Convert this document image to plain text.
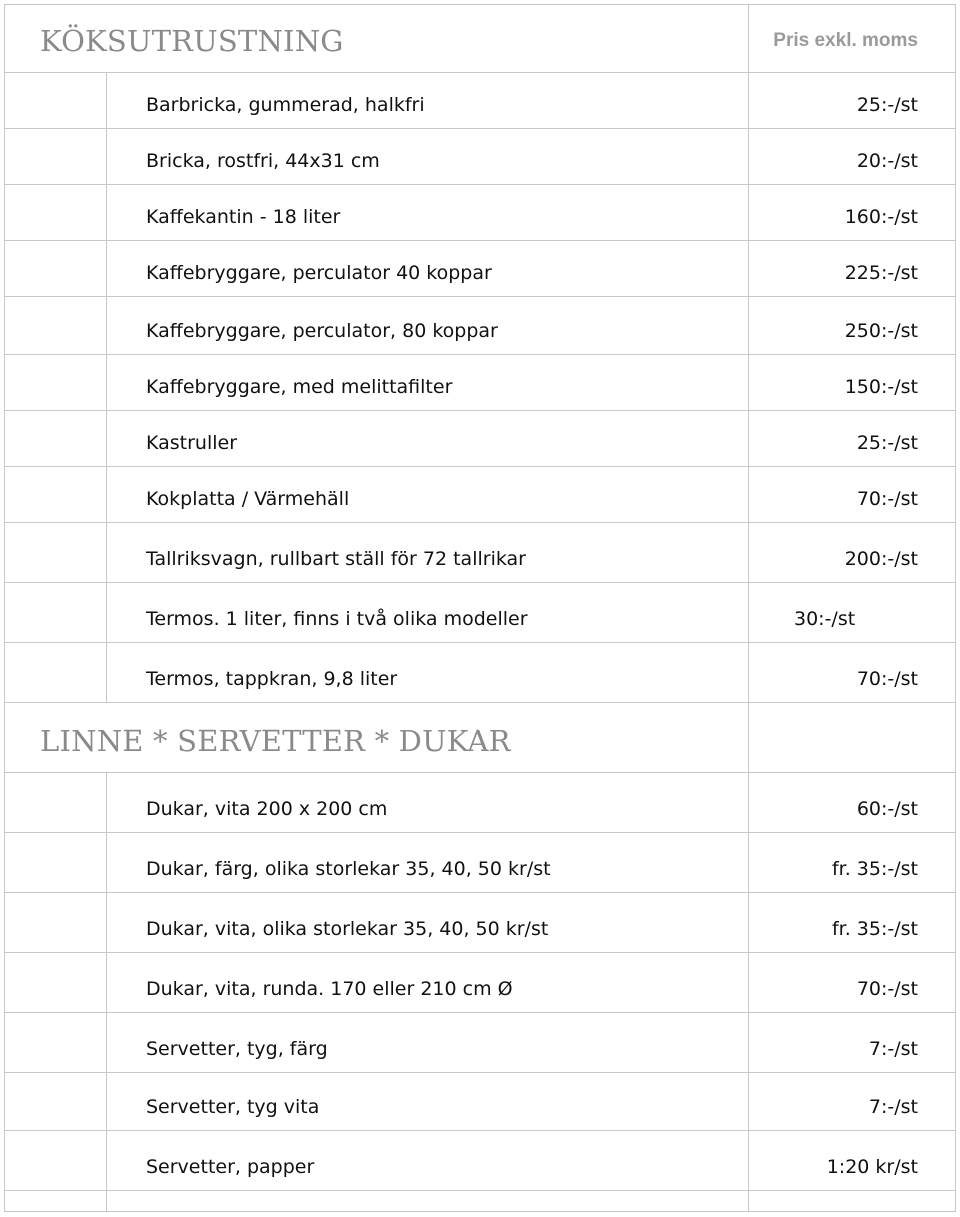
KÖKSUTRUSTNING	Pris exkl. moms
Barbricka, gummerad, halkfri	25:-/st
Bricka, rostfri, 44x31 cm	20:-/st
Kaffekantin - 18 liter	160:-/st
Kaffebryggare, perculator 40 koppar	225:-/st
Kaffebryggare, perculator, 80 koppar	250:-/st
Kaffebryggare, med melittafilter	150:-/st
Kastruller	25:-/st
Kokplatta / Värmehäll	70:-/st
Tallriksvagn, rullbart ställ för 72 tallrikar	200:-/st
Termos. 1 liter, finns i två olika modeller	30:-/st
Termos, tappkran, 9,8 liter	70:-/st
LINNE * SERVETTER * DUKAR
Dukar, vita 200 x 200 cm	60:-/st
Dukar, färg, olika storlekar 35, 40, 50 kr/st	fr. 35:-/st
Dukar, vita, olika storlekar 35, 40, 50 kr/st	fr. 35:-/st
Dukar, vita, runda. 170 eller 210 cm Ø	70:-/st
Servetter, tyg, färg	7:-/st
Servetter, tyg vita	7:-/st
Servetter, papper	1:20 kr/st
